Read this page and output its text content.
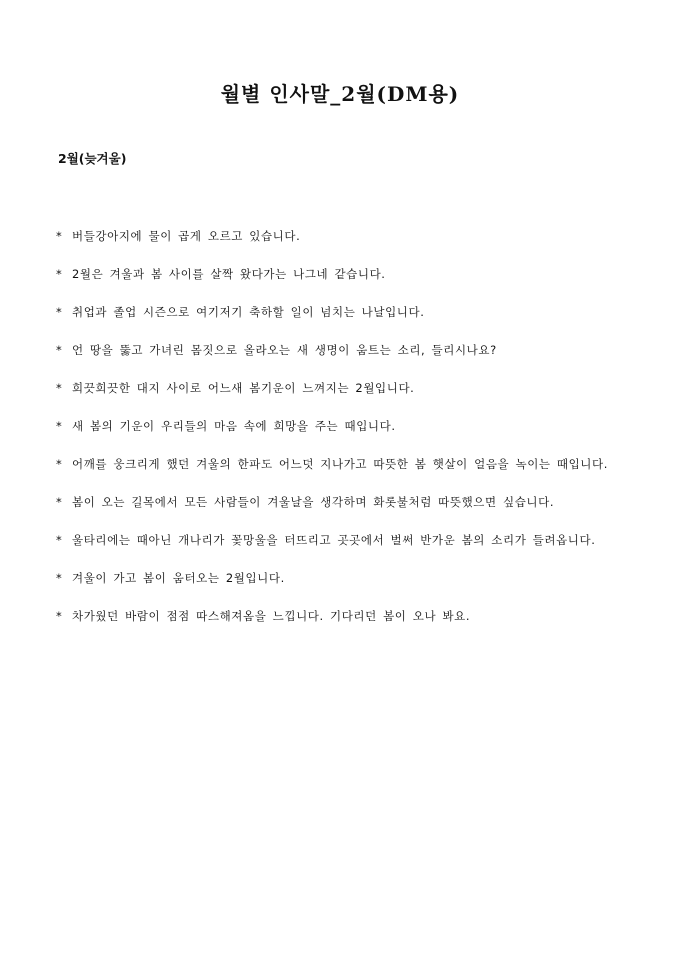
월별 인사말_2월(DM용)
2월(늦겨울)
* 버들강아지에 물이 곱게 오르고 있습니다.
* 2월은 겨울과 봄 사이를 살짝 왔다가는 나그네 같습니다.
* 취업과 졸업 시즌으로 여기저기 축하할 일이 넘치는 나날입니다.
* 언 땅을 뚫고 가녀린 몸짓으로 올라오는 새 생명이 움트는 소리, 들리시나요?
* 희끗희끗한 대지 사이로 어느새 봄기운이 느껴지는 2월입니다.
* 새 봄의 기운이 우리들의 마음 속에 희망을 주는 때입니다.
* 어깨를 웅크리게 했던 겨울의 한파도 어느덧 지나가고 따뜻한 봄 햇살이 얼음을 녹이는 때입니다.
* 봄이 오는 길목에서 모든 사람들이 겨울날을 생각하며 화롯불처럼 따뜻했으면 싶습니다.
* 울타리에는 때아닌 개나리가 꽃망울을 터뜨리고 곳곳에서 벌써 반가운 봄의 소리가 들려옵니다.
* 겨울이 가고 봄이 움터오는 2월입니다.
* 차가웠던 바람이 점점 따스해져옴을 느낍니다. 기다리던 봄이 오나 봐요.
